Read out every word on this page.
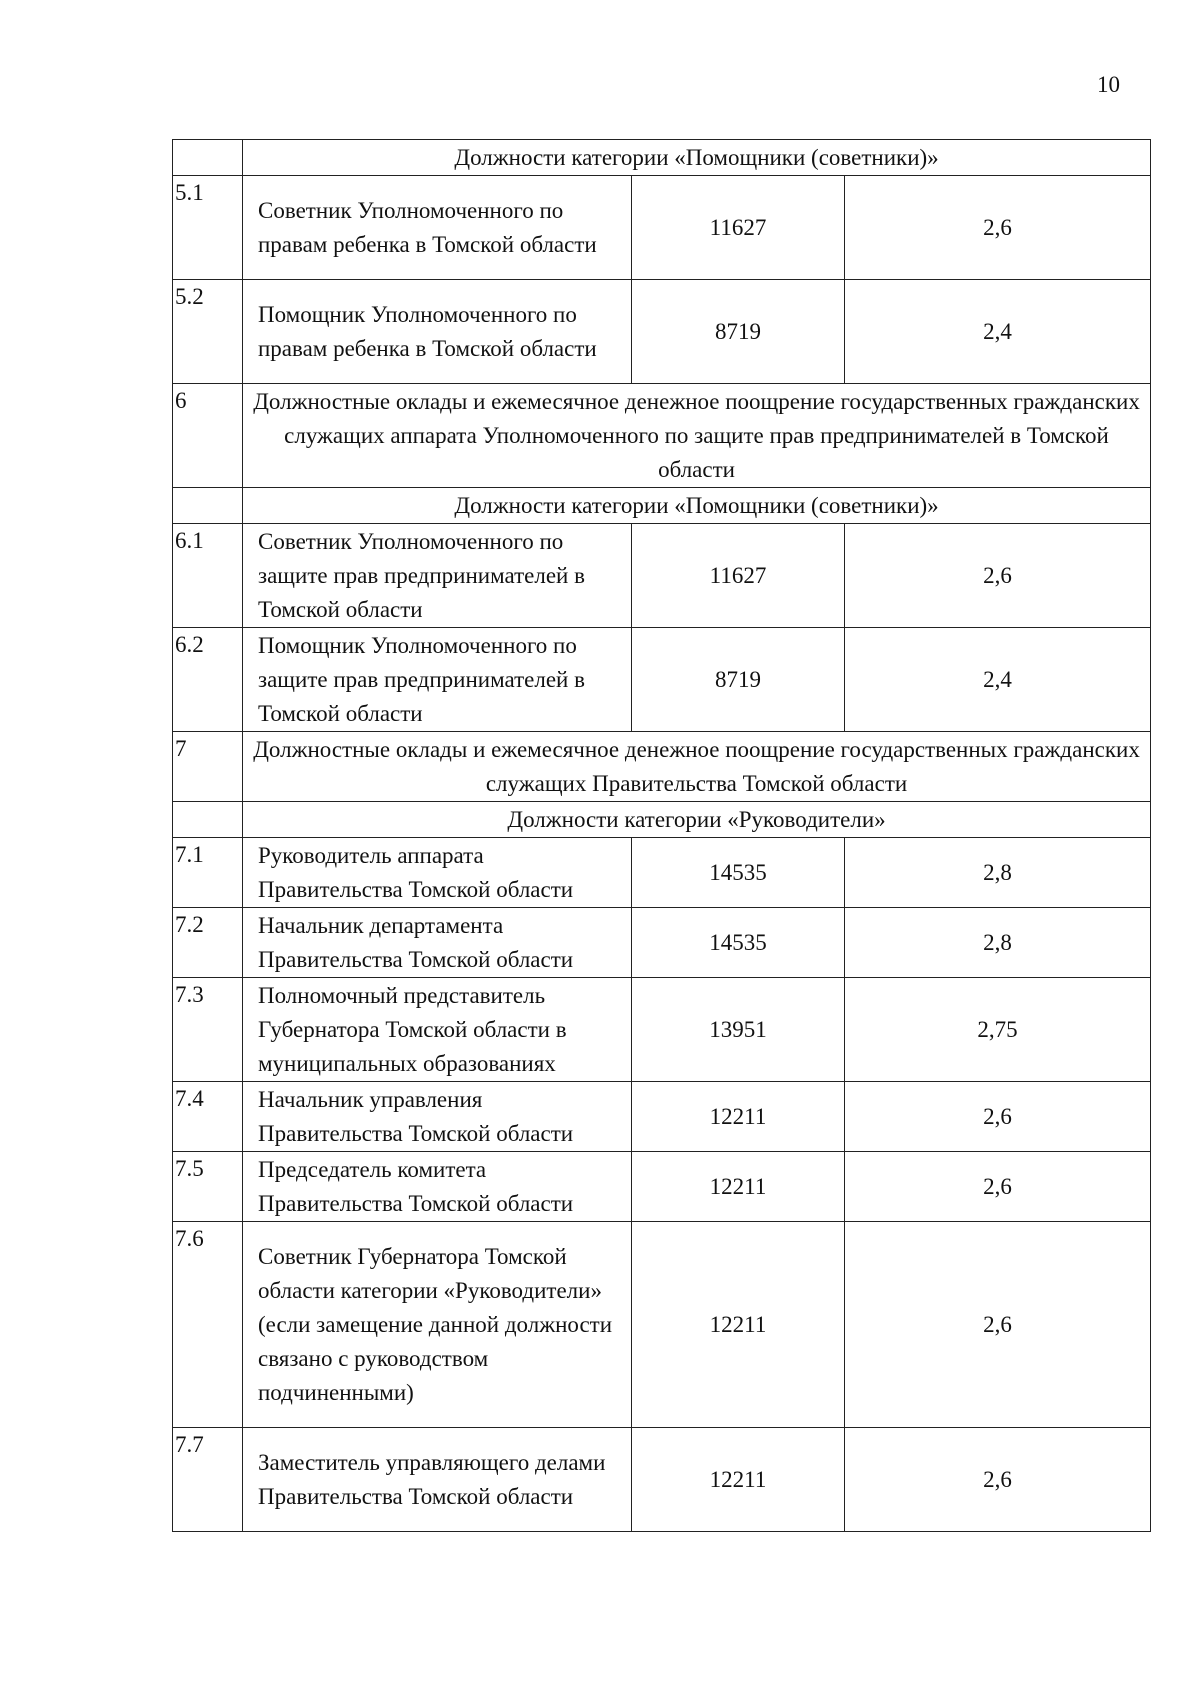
10
	Должности категории «Помощники (советники)»		
5.1	Советник Уполномоченного по правам ребенка в Томской области	11627	2,6
5.2	Помощник Уполномоченного по правам ребенка в Томской области	8719	2,4
6	Должностные оклады и ежемесячное денежное поощрение государственных гражданских служащих аппарата Уполномоченного по защите прав предпринимателей в Томской области		
	Должности категории «Помощники (советники)»		
6.1	Советник Уполномоченного по защите прав предпринимателей в Томской области	11627	2,6
6.2	Помощник Уполномоченного по защите прав предпринимателей в Томской области	8719	2,4
7	Должностные оклады и ежемесячное денежное поощрение государственных гражданских служащих Правительства Томской области		
	Должности категории «Руководители»		
7.1	Руководитель аппарата Правительства Томской области	14535	2,8
7.2	Начальник департамента Правительства Томской области	14535	2,8
7.3	Полномочный представитель Губернатора Томской области в муниципальных образованиях	13951	2,75
7.4	Начальник управления Правительства Томской области	12211	2,6
7.5	Председатель комитета Правительства Томской области	12211	2,6
7.6	Советник Губернатора Томской области категории «Руководители» (если замещение данной должности связано с руководством подчиненными)	12211	2,6
7.7	Заместитель управляющего делами Правительства Томской области	12211	2,6
